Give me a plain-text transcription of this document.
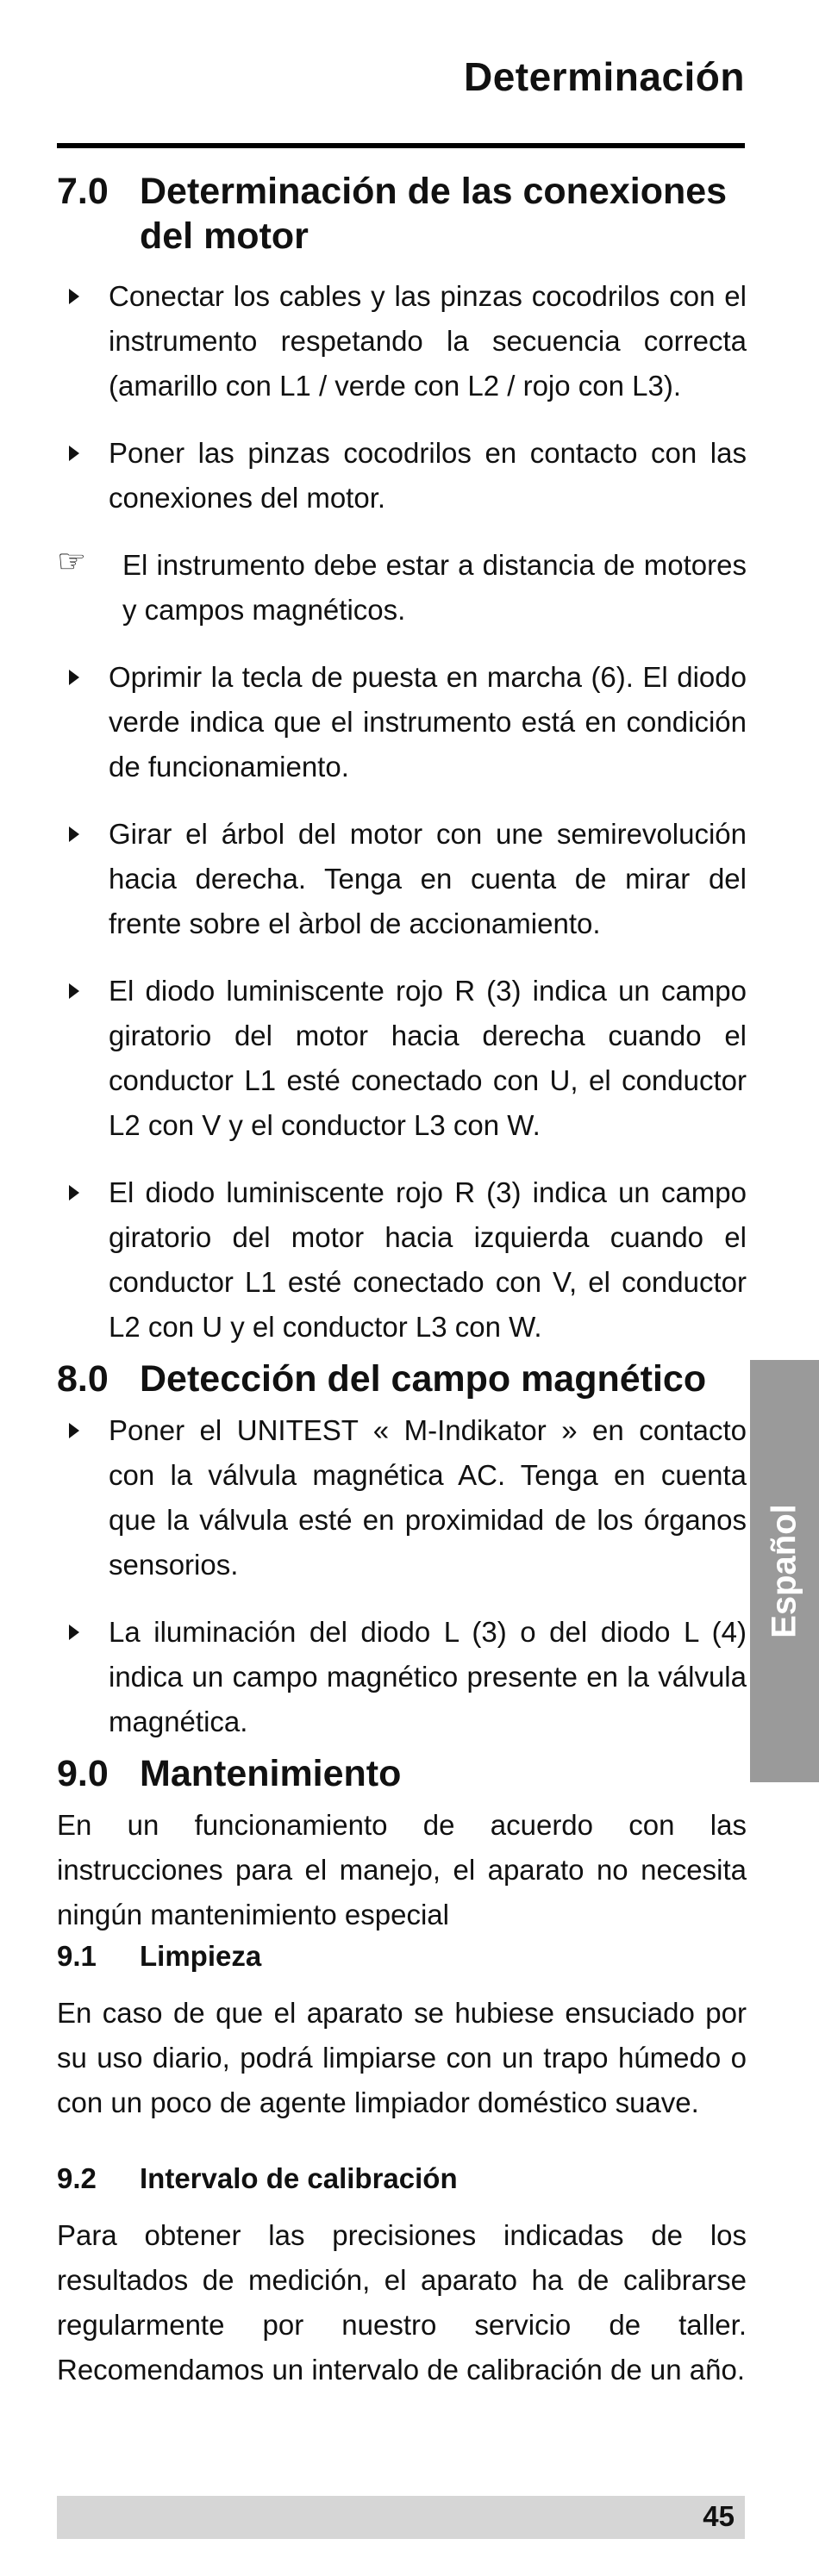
Determinación
Español
7.0 Determinación de las conexiones del motor
Conectar los cables y las pinzas cocodrilos con el instrumento respetando la secuencia correcta (amarillo con L1 / verde con L2 / rojo con L3).
Poner las pinzas cocodrilos en contacto con las conexiones del motor.
☞ El instrumento debe estar a distancia de motores y campos magnéticos.
Oprimir la tecla de puesta en marcha (6). El diodo verde indica que el instrumento está en condición de funcionamiento.
Girar el árbol del motor con une semirevolución hacia derecha. Tenga en cuenta de mirar del frente sobre el àrbol de accionamiento.
El diodo luminiscente rojo R (3) indica un campo giratorio del motor hacia derecha cuando el conductor L1 esté conectado con U, el conductor L2 con V y el conductor L3 con W.
El diodo luminiscente rojo R (3) indica un campo giratorio del motor hacia izquierda cuando el conductor L1 esté conectado con V, el conductor L2 con U y el conductor L3 con W.
8.0 Detección del campo magnético
Poner el UNITEST « M-Indikator » en contacto con la válvula magnética AC. Tenga en cuenta que la válvula esté en proximidad de los órganos sensorios.
La iluminación del diodo L (3) o del diodo L (4) indica un campo magnético presente en la válvula magnética.
9.0 Mantenimiento

En un funcionamiento de acuerdo con las instrucciones para el manejo, el aparato no necesita ningún mantenimiento especial

9.1	Limpieza

En caso de que el aparato se hubiese ensuciado por su uso diario, podrá limpiarse con un trapo húmedo o con un poco de agente limpiador doméstico suave.

9.2	Intervalo de calibración

Para obtener las precisiones indicadas de los resultados de medición, el aparato ha de calibrarse regularmente por nuestro servicio de taller. Recomendamos un intervalo de calibración de un año.

45
